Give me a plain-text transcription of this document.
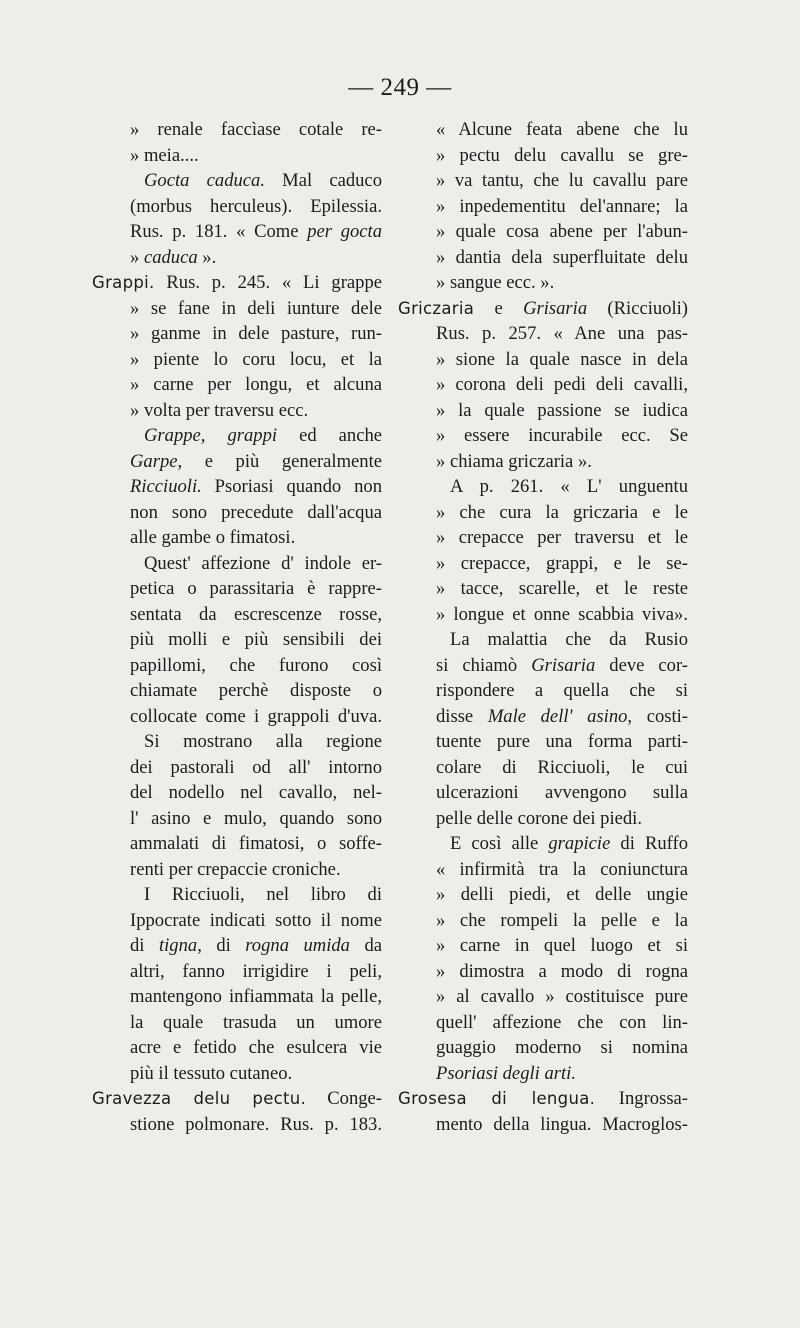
— 249 —
» renale faccìase cotale re-
» meia....
Gocta caduca. Mal caduco
(morbus herculeus). Epilessia.
Rus. p. 181. « Come per gocta
» caduca ».
Grappi. Rus. p. 245. « Li grappe
» se fane in deli iunture dele
» ganme in dele pasture, run-
» piente lo coru locu, et la
» carne per longu, et alcuna
» volta per traversu ecc.
Grappe, grappi ed anche
Garpe, e più generalmente
Ricciuoli. Psoriasi quando non
non sono precedute dall'acqua
alle gambe o fimatosi.
Quest' affezione d' indole er-
petica o parassitaria è rappre-
sentata da escrescenze rosse,
più molli e più sensibili dei
papillomi, che furono così
chiamate perchè disposte o
collocate come i grappoli d'uva.
Si mostrano alla regione
dei pastorali od all' intorno
del nodello nel cavallo, nel-
l' asino e mulo, quando sono
ammalati di fimatosi, o soffe-
renti per crepaccie croniche.
I Ricciuoli, nel libro di
Ippocrate indicati sotto il nome
di tigna, di rogna umida da
altri, fanno irrigidire i peli,
mantengono infiammata la pelle,
la quale trasuda un umore
acre e fetido che esulcera vie
più il tessuto cutaneo.
Gravezza delu pectu. Conge-
stione polmonare. Rus. p. 183.
« Alcune feata abene che lu
» pectu delu cavallu se gre-
» va tantu, che lu cavallu pare
» inpedementitu del'annare; la
» quale cosa abene per l'abun-
» dantia dela superfluitate delu
» sangue ecc. ».
Griczaria e Grisaria (Ricciuoli)
Rus. p. 257. « Ane una pas-
» sione la quale nasce in dela
» corona deli pedi deli cavalli,
» la quale passione se iudica
» essere incurabile ecc. Se
» chiama griczaria ».
A p. 261. « L' unguentu
» che cura la griczaria e le
» crepacce per traversu et le
» crepacce, grappi, e le se-
» tacce, scarelle, et le reste
» longue et onne scabbia viva».
La malattia che da Rusio
si chiamò Grisaria deve cor-
rispondere a quella che si
disse Male dell' asino, costi-
tuente pure una forma parti-
colare di Ricciuoli, le cui
ulcerazioni avvengono sulla
pelle delle corone dei piedi.
E così alle grapicie di Ruffo
« infirmità tra la coniunctura
» delli piedi, et delle ungie
» che rompeli la pelle e la
» carne in quel luogo et si
» dimostra a modo di rogna
» al cavallo » costituisce pure
quell' affezione che con lin-
guaggio moderno si nomina
Psoriasi degli arti.
Grosesa di lengua. Ingrossa-
mento della lingua. Macroglos-
